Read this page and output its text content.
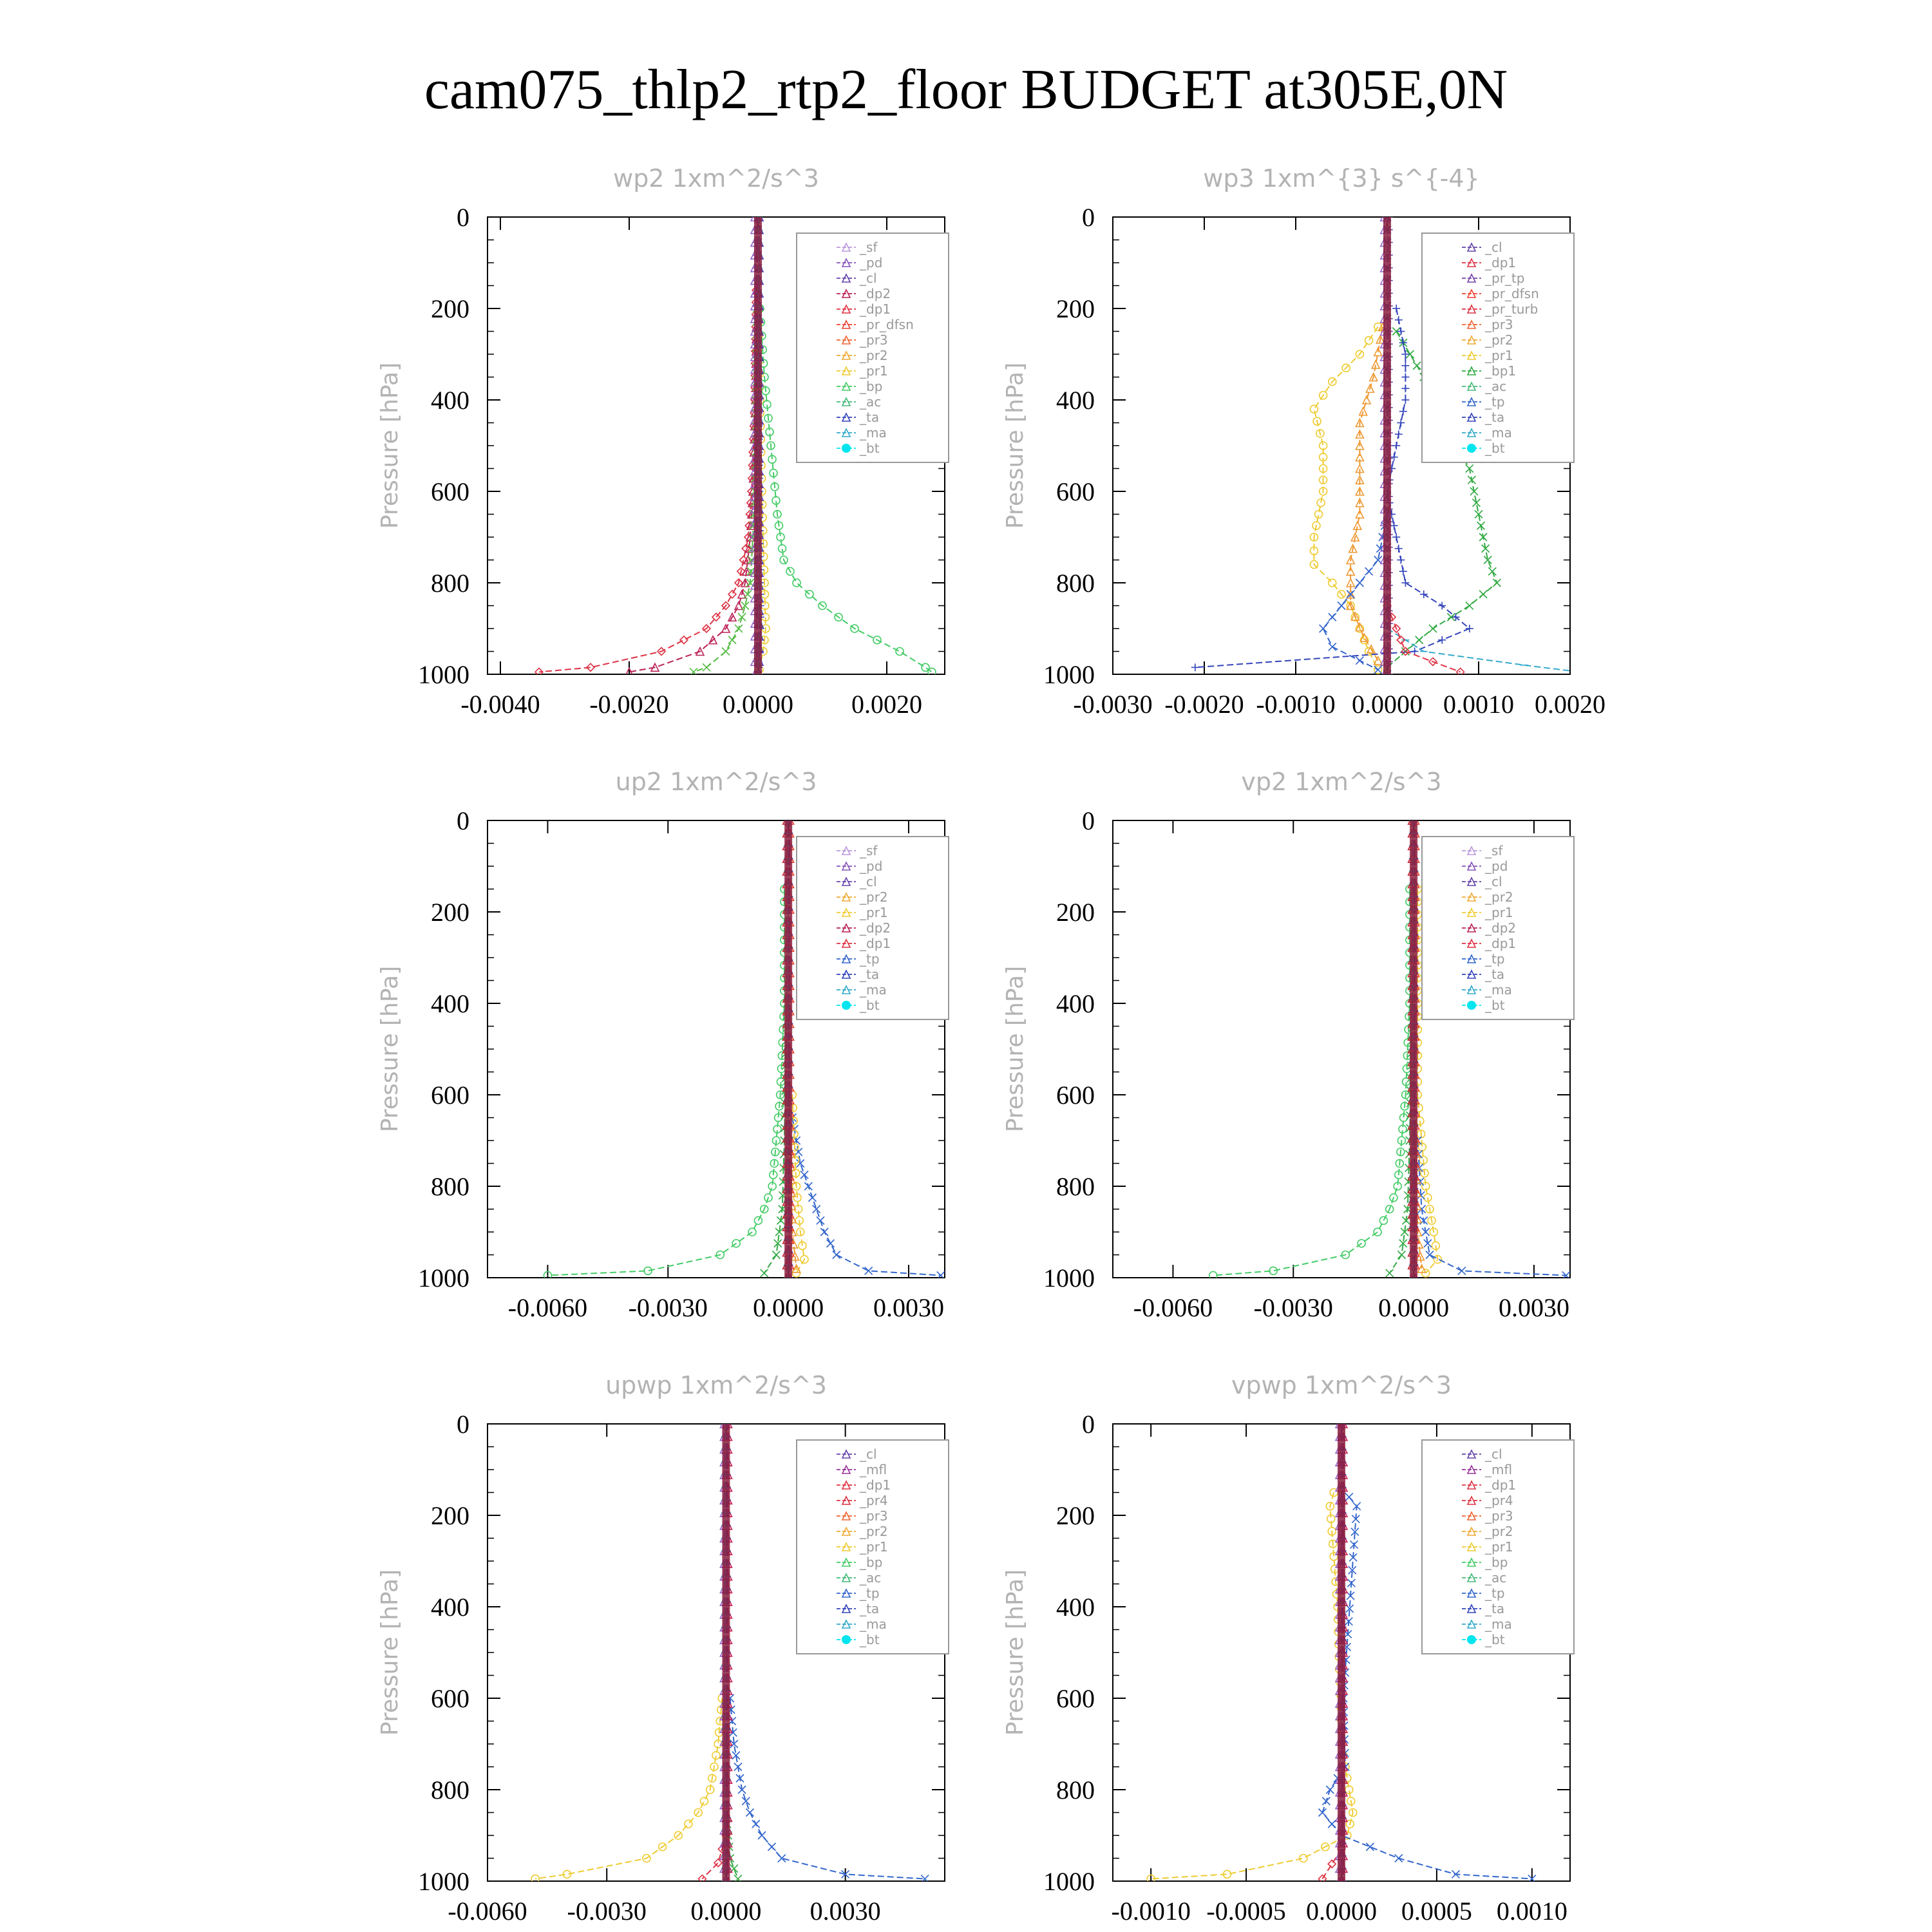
cam075_thlp2_rtp2_floor BUDGET at305E,0N
wp2 1xm^2/s^3
Pressure [hPa]
0
200
400
600
800
1000
-0.0040 -0.0020 0.0000 0.0020
_sf
_pd
_cl
_dp2
_dp1
_pr_dfsn
_pr3
_pr2
_pr1
_bp
_ac
_ta
_ma
_bt
wp3 1xm^{3} s^{-4}
Pressure [hPa]
0
200
400
600
800
1000
-0.0030 -0.0020 -0.0010 0.0000 0.0010 0.0020
_cl
_dp1
_pr_tp
_pr_dfsn
_pr_turb
_pr3
_pr2
_pr1
_bp1
_ac
_tp
_ta
_ma
_bt
up2 1xm^2/s^3
Pressure [hPa]
0
200
400
600
800
1000
-0.0060 -0.0030 0.0000 0.0030
_sf
_pd
_cl
_pr2
_pr1
_dp2
_dp1
_tp
_ta
_ma
_bt
vp2 1xm^2/s^3
Pressure [hPa]
0
200
400
600
800
1000
-0.0060 -0.0030 0.0000 0.0030
_sf
_pd
_cl
_pr2
_pr1
_dp2
_dp1
_tp
_ta
_ma
_bt
upwp 1xm^2/s^3
Pressure [hPa]
0
200
400
600
800
1000
-0.0060 -0.0030 0.0000 0.0030
_cl
_mfl
_dp1
_pr4
_pr3
_pr2
_pr1
_bp
_ac
_tp
_ta
_ma
_bt
vpwp 1xm^2/s^3
Pressure [hPa]
0
200
400
600
800
1000
-0.0010 -0.0005 0.0000 0.0005 0.0010
_cl
_mfl
_dp1
_pr4
_pr3
_pr2
_pr1
_bp
_ac
_tp
_ta
_ma
_bt
